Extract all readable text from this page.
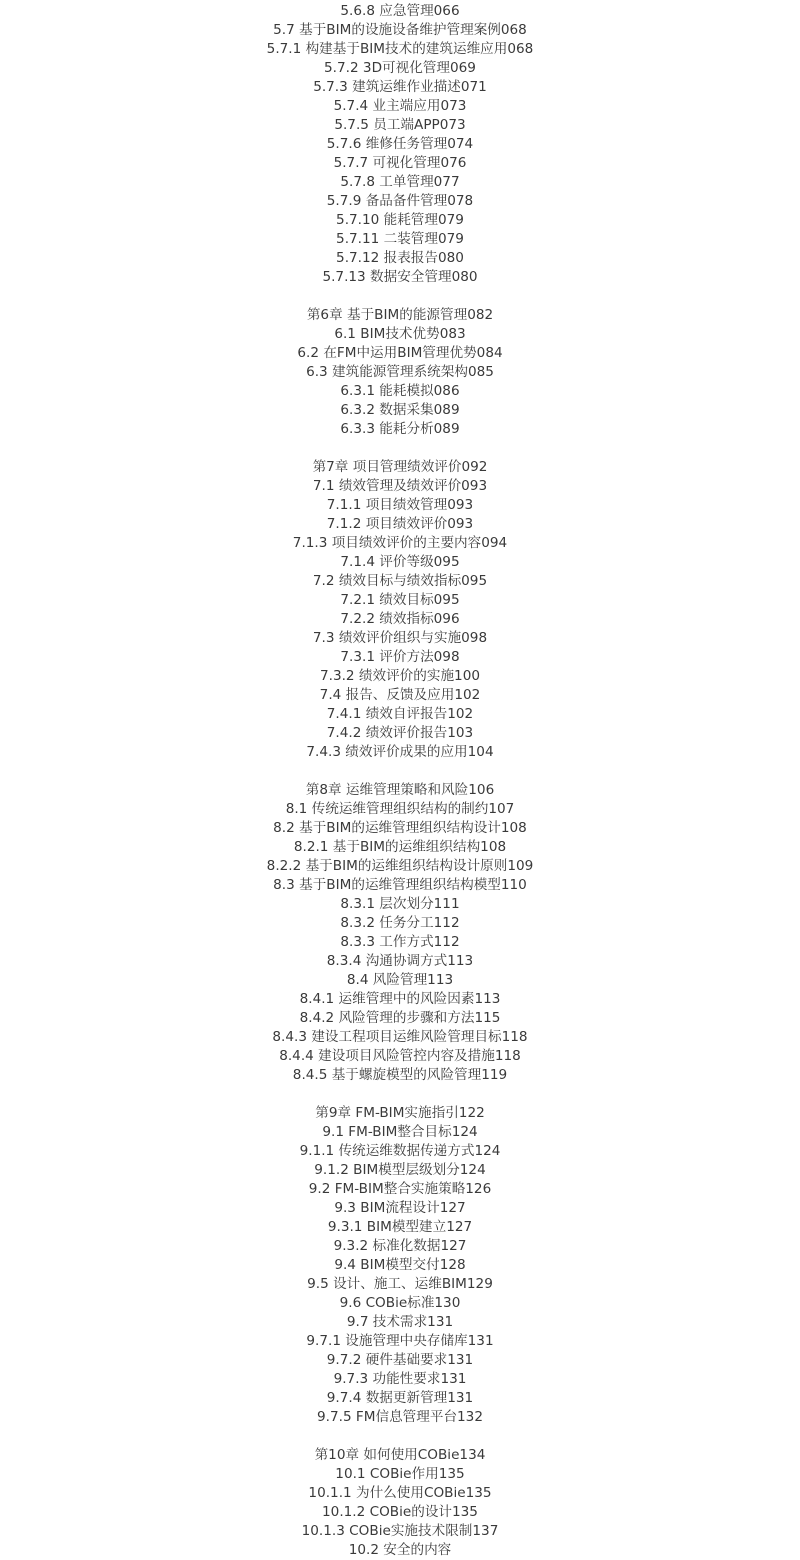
5.6.8 应急管理066
5.7 基于BIM的设施设备维护管理案例068
5.7.1 构建基于BIM技术的建筑运维应用068
5.7.2 3D可视化管理069
5.7.3 建筑运维作业描述071
5.7.4 业主端应用073
5.7.5 员工端APP073
5.7.6 维修任务管理074
5.7.7 可视化管理076
5.7.8 工单管理077
5.7.9 备品备件管理078
5.7.10 能耗管理079
5.7.11 二装管理079
5.7.12 报表报告080
5.7.13 数据安全管理080
第6章 基于BIM的能源管理082
6.1 BIM技术优势083
6.2 在FM中运用BIM管理优势084
6.3 建筑能源管理系统架构085
6.3.1 能耗模拟086
6.3.2 数据采集089
6.3.3 能耗分析089
第7章 项目管理绩效评价092
7.1 绩效管理及绩效评价093
7.1.1 项目绩效管理093
7.1.2 项目绩效评价093
7.1.3 项目绩效评价的主要内容094
7.1.4 评价等级095
7.2 绩效目标与绩效指标095
7.2.1 绩效目标095
7.2.2 绩效指标096
7.3 绩效评价组织与实施098
7.3.1 评价方法098
7.3.2 绩效评价的实施100
7.4 报告、反馈及应用102
7.4.1 绩效自评报告102
7.4.2 绩效评价报告103
7.4.3 绩效评价成果的应用104
第8章 运维管理策略和风险106
8.1 传统运维管理组织结构的制约107
8.2 基于BIM的运维管理组织结构设计108
8.2.1 基于BIM的运维组织结构108
8.2.2 基于BIM的运维组织结构设计原则109
8.3 基于BIM的运维管理组织结构模型110
8.3.1 层次划分111
8.3.2 任务分工112
8.3.3 工作方式112
8.3.4 沟通协调方式113
8.4 风险管理113
8.4.1 运维管理中的风险因素113
8.4.2 风险管理的步骤和方法115
8.4.3 建设工程项目运维风险管理目标118
8.4.4 建设项目风险管控内容及措施118
8.4.5 基于螺旋模型的风险管理119
第9章 FM-BIM实施指引122
9.1 FM-BIM整合目标124
9.1.1 传统运维数据传递方式124
9.1.2 BIM模型层级划分124
9.2 FM-BIM整合实施策略126
9.3 BIM流程设计127
9.3.1 BIM模型建立127
9.3.2 标准化数据127
9.4 BIM模型交付128
9.5 设计、施工、运维BIM129
9.6 COBie标准130
9.7 技术需求131
9.7.1 设施管理中央存储库131
9.7.2 硬件基础要求131
9.7.3 功能性要求131
9.7.4 数据更新管理131
9.7.5 FM信息管理平台132
第10章 如何使用COBie134
10.1 COBie作用135
10.1.1 为什么使用COBie135
10.1.2 COBie的设计135
10.1.3 COBie实施技术限制137
10.2 安全的内容
